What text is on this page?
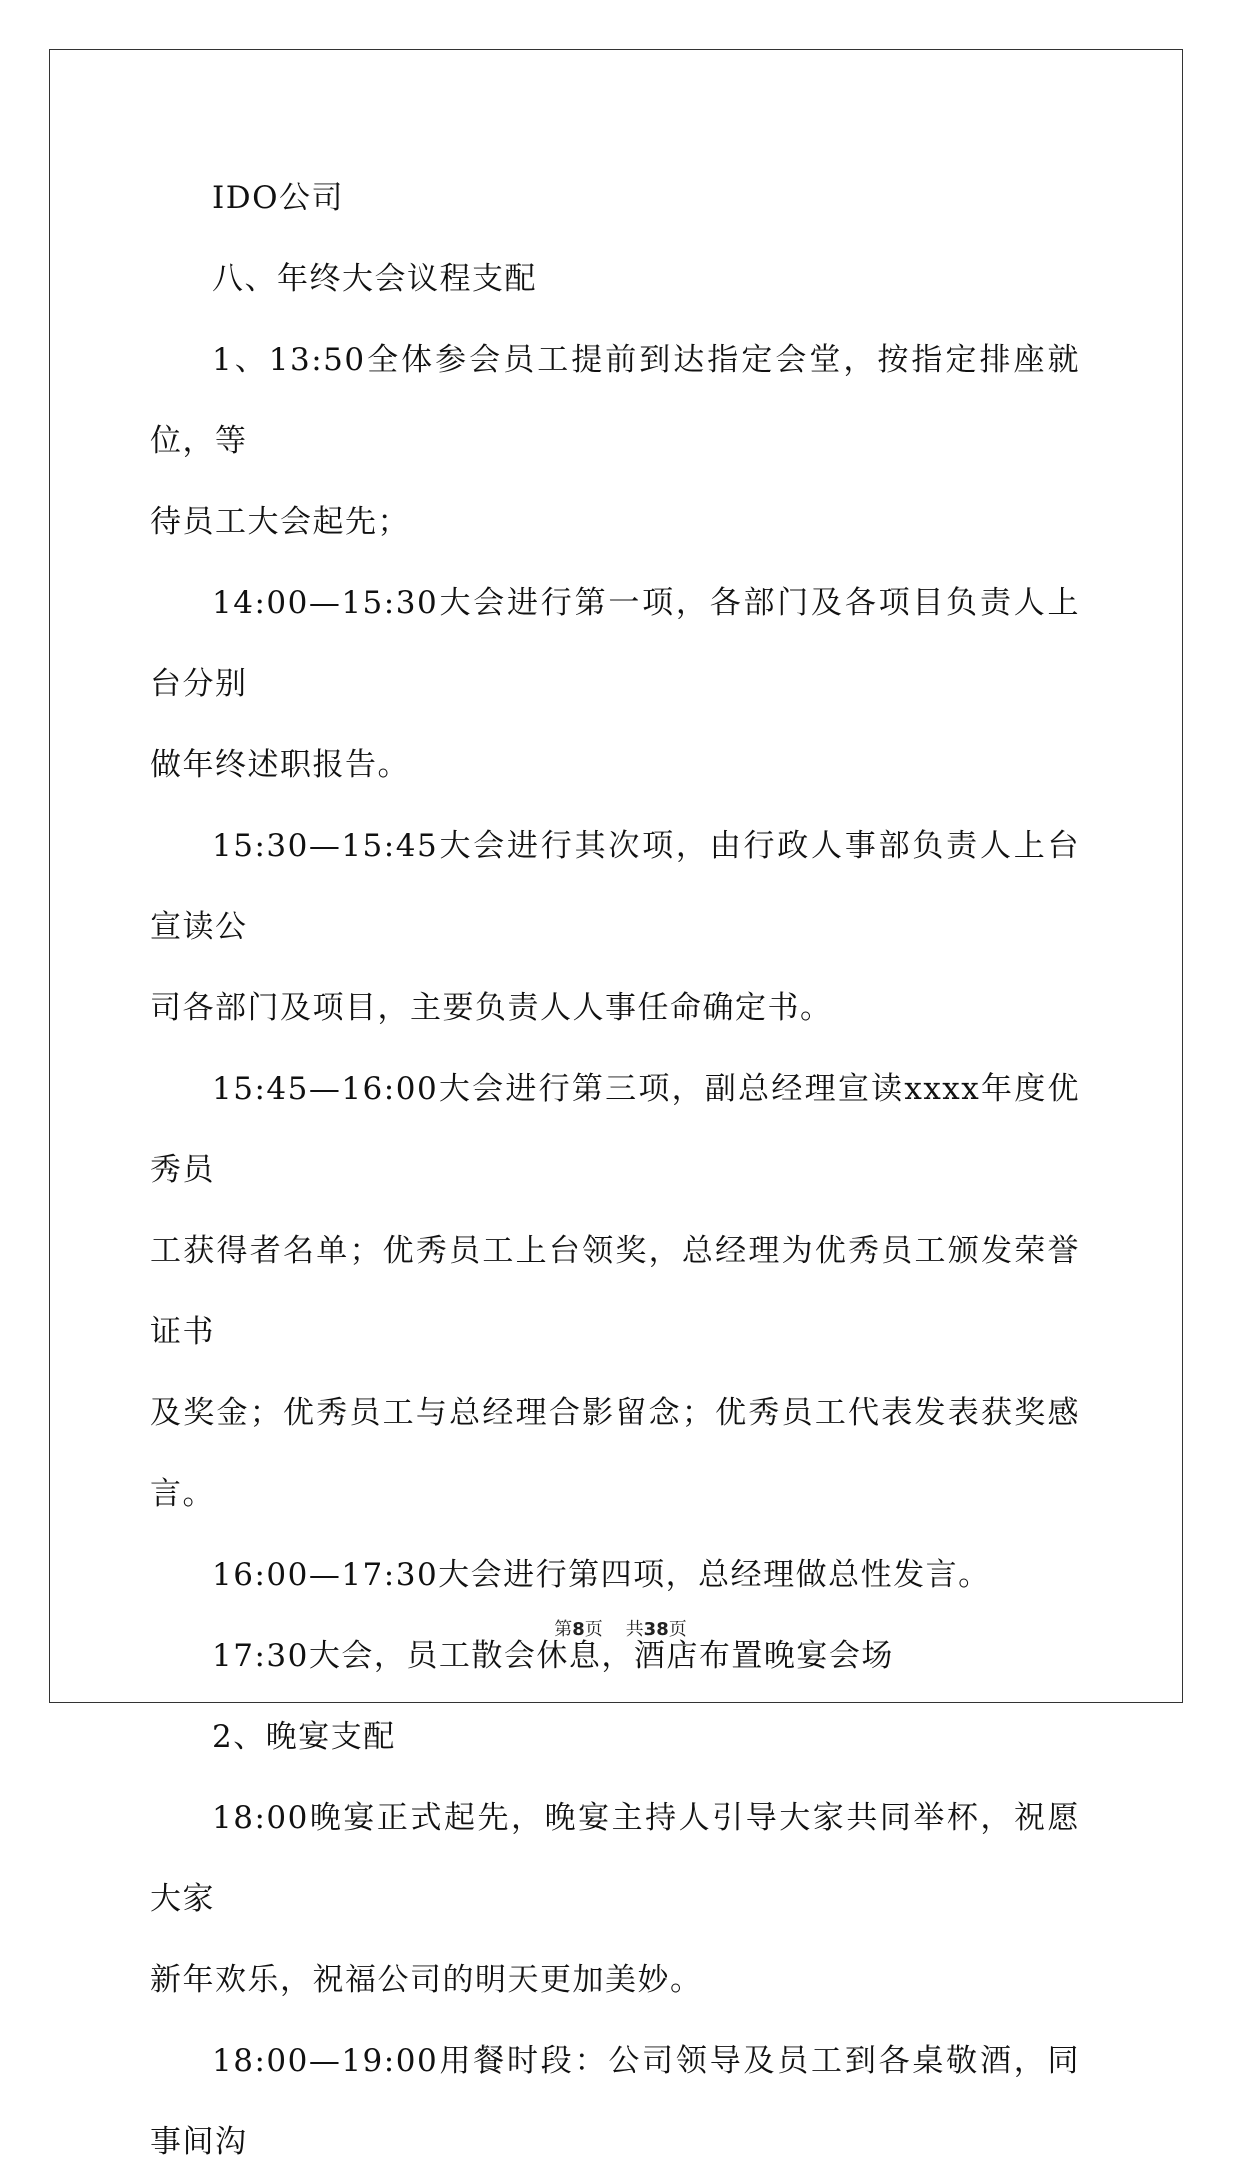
IDO公司

八、年终大会议程支配

1、13:50全体参会员工提前到达指定会堂，按指定排座就位，等
待员工大会起先；

14:00—15:30大会进行第一项，各部门及各项目负责人上台分别
做年终述职报告。

15:30—15:45大会进行其次项，由行政人事部负责人上台宣读公
司各部门及项目，主要负责人人事任命确定书。

15:45—16:00大会进行第三项，副总经理宣读xxxx年度优秀员
工获得者名单；优秀员工上台领奖，总经理为优秀员工颁发荣誉证书
及奖金；优秀员工与总经理合影留念；优秀员工代表发表获奖感言。

16:00—17:30大会进行第四项，总经理做总性发言。

17:30大会，员工散会休息，酒店布置晚宴会场

2、晚宴支配

18:00晚宴正式起先，晚宴主持人引导大家共同举杯，祝愿大家
新年欢乐，祝福公司的明天更加美妙。

18:00—19:00用餐时段：公司领导及员工到各桌敬酒，同事间沟

第8页 共38页
